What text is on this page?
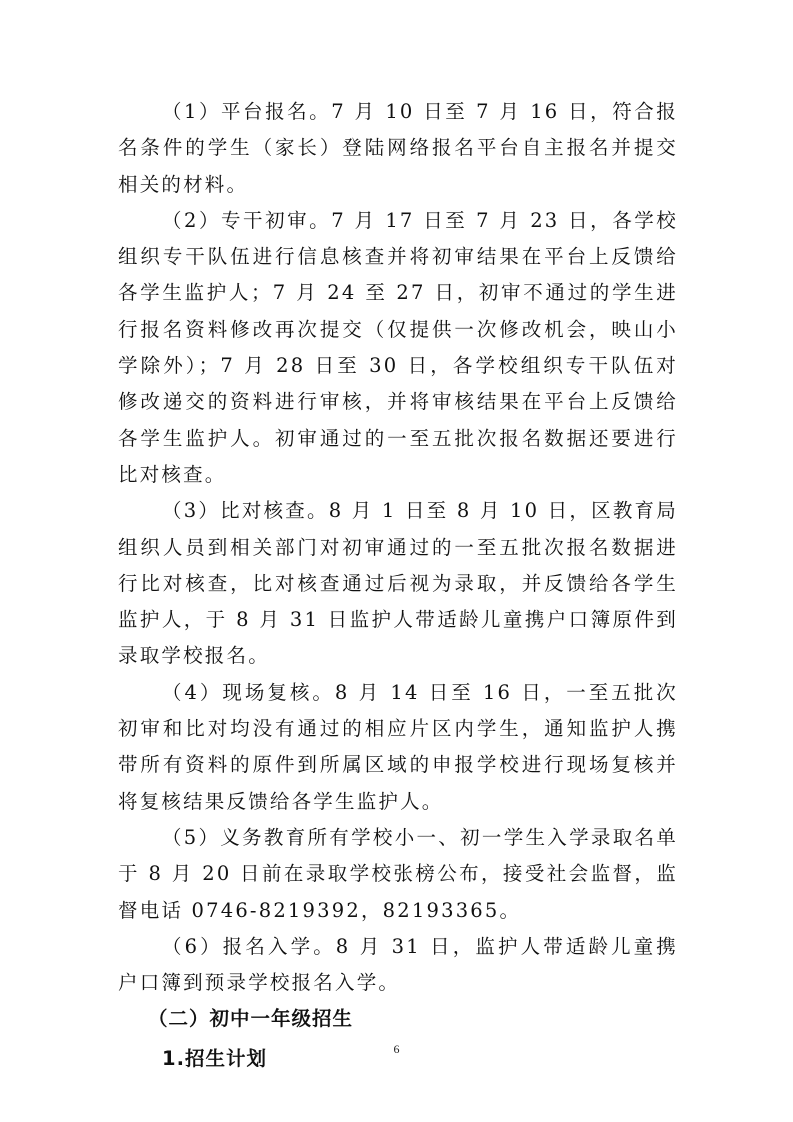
（1）平台报名。7 月 10 日至 7 月 16 日，符合报名条件的学生（家长）登陆网络报名平台自主报名并提交相关的材料。

（2）专干初审。7 月 17 日至 7 月 23 日，各学校组织专干队伍进行信息核查并将初审结果在平台上反馈给各学生监护人；7 月 24 至 27 日，初审不通过的学生进行报名资料修改再次提交（仅提供一次修改机会，映山小学除外）；7 月 28 日至 30 日，各学校组织专干队伍对修改递交的资料进行审核，并将审核结果在平台上反馈给各学生监护人。初审通过的一至五批次报名数据还要进行比对核查。

（3）比对核查。8 月 1 日至 8 月 10 日，区教育局组织人员到相关部门对初审通过的一至五批次报名数据进行比对核查，比对核查通过后视为录取，并反馈给各学生监护人，于 8 月 31 日监护人带适龄儿童携户口簿原件到录取学校报名。

（4）现场复核。8 月 14 日至 16 日，一至五批次初审和比对均没有通过的相应片区内学生，通知监护人携带所有资料的原件到所属区域的申报学校进行现场复核并将复核结果反馈给各学生监护人。

（5）义务教育所有学校小一、初一学生入学录取名单于 8 月 20 日前在录取学校张榜公布，接受社会监督，监督电话 0746-8219392，82193365。

（6）报名入学。8 月 31 日，监护人带适龄儿童携户口簿到预录学校报名入学。

（二）初中一年级招生
1.招生计划	6
